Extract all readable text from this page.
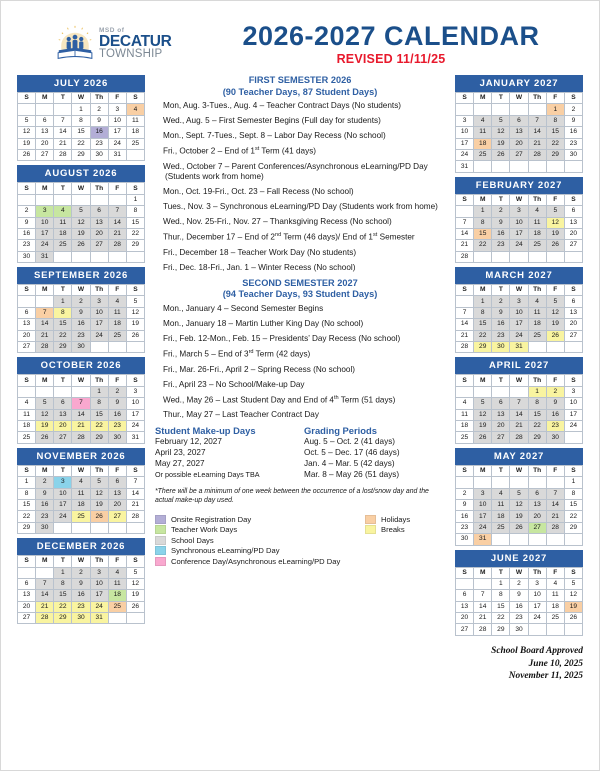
MSD of
DECATUR
TOWNSHIP
2026-2027 CALENDAR
REVISED 11/11/25
JULY 2026
S	M	T	W	Th	F	S
			1	2	3	4
5	6	7	8	9	10	11
12	13	14	15	16	17	18
19	20	21	22	23	24	25
26	27	28	29	30	31	
AUGUST 2026
S	M	T	W	Th	F	S
						1
2	3	4	5	6	7	8
9	10	11	12	13	14	15
16	17	18	19	20	21	22
23	24	25	26	27	28	29
30	31					
SEPTEMBER 2026
S	M	T	W	Th	F	S
		1	2	3	4	5
6	7	8	9	10	11	12
13	14	15	16	17	18	19
20	21	22	23	24	25	26
27	28	29	30			
OCTOBER 2026
S	M	T	W	Th	F	S
				1	2	3
4	5	6	7	8	9	10
11	12	13	14	15	16	17
18	19	20	21	22	23	24
25	26	27	28	29	30	31
NOVEMBER 2026
S	M	T	W	Th	F	S
1	2	3	4	5	6	7
8	9	10	11	12	13	14
15	16	17	18	19	20	21
22	23	24	25	26	27	28
29	30					
DECEMBER 2026
S	M	T	W	Th	F	S
		1	2	3	4	5
6	7	8	9	10	11	12
13	14	15	16	17	18	19
20	21	22	23	24	25	26
27	28	29	30	31		
FIRST SEMESTER 2026
(90 Teacher Days, 87 Student Days)
Mon, Aug. 3-Tues., Aug. 4 – Teacher Contract Days (No students)
Wed., Aug. 5 – First Semester Begins (Full day for students)
Mon., Sept. 7-Tues., Sept. 8 – Labor Day Recess (No school)
Fri., October 2 – End of 1st Term (41 days)
Wed., October 7 – Parent Conferences/Asynchronous eLearning/PD Day (Students work from home)
Mon., Oct. 19-Fri., Oct. 23 – Fall Recess (No school)
Tues., Nov. 3 – Synchronous eLearning/PD Day (Students work from home)
Wed., Nov. 25-Fri., Nov. 27 – Thanksgiving Recess (No school)
Thur., December 17 – End of 2nd Term (46 days)/ End of 1st Semester
Fri., December 18 – Teacher Work Day (No students)
Fri., Dec. 18-Fri., Jan. 1 – Winter Recess (No school)
SECOND SEMESTER 2027
(94 Teacher Days, 93 Student Days)
Mon., January 4 – Second Semester Begins
Mon., January 18 – Martin Luther King Day (No school)
Fri., Feb. 12-Mon., Feb. 15 – Presidents’ Day Recess (No school)
Fri., March 5 – End of 3rd Term (42 days)
Fri., Mar. 26-Fri., April 2 – Spring Recess (No school)
Fri., April 23 – No School/Make-up Day
Wed., May 26 – Last Student Day and End of 4th Term (51 days)
Thur., May 27 – Last Teacher Contract Day
Student Make-up Days
February 12, 2027
April 23, 2027
May 27, 2027
Or possible eLearning Days TBA
Grading Periods
Aug. 5 – Oct. 2 (41 days)
Oct. 5 – Dec. 17 (46 days)
Jan. 4 – Mar. 5 (42 days)
Mar. 8 – May 26 (51 days)
*There will be a minimum of one week between the occurrence of a lost/snow day and the actual make-up day used.
Onsite Registration Day
Teacher Work Days
School Days
Synchronous eLearning/PD Day
Conference Day/Asynchronous eLearning/PD Day
Holidays
Breaks
JANUARY 2027
S	M	T	W	Th	F	S
					1	2
3	4	5	6	7	8	9
10	11	12	13	14	15	16
17	18	19	20	21	22	23
24	25	26	27	28	29	30
31						
FEBRUARY 2027
S	M	T	W	Th	F	S
	1	2	3	4	5	6
7	8	9	10	11	12	13
14	15	16	17	18	19	20
21	22	23	24	25	26	27
28						
MARCH 2027
S	M	T	W	Th	F	S
	1	2	3	4	5	6
7	8	9	10	11	12	13
14	15	16	17	18	19	20
21	22	23	24	25	26	27
28	29	30	31			
APRIL 2027
S	M	T	W	Th	F	S
				1	2	3
4	5	6	7	8	9	10
11	12	13	14	15	16	17
18	19	20	21	22	23	24
25	26	27	28	29	30	
MAY 2027
S	M	T	W	Th	F	S
						1
2	3	4	5	6	7	8
9	10	11	12	13	14	15
16	17	18	19	20	21	22
23	24	25	26	27	28	29
30	31					
JUNE 2027
S	M	T	W	Th	F	S
		1	2	3	4	5
6	7	8	9	10	11	12
13	14	15	16	17	18	19
20	21	22	23	24	25	26
27	28	29	30			
School Board Approved
June 10, 2025
November 11, 2025
